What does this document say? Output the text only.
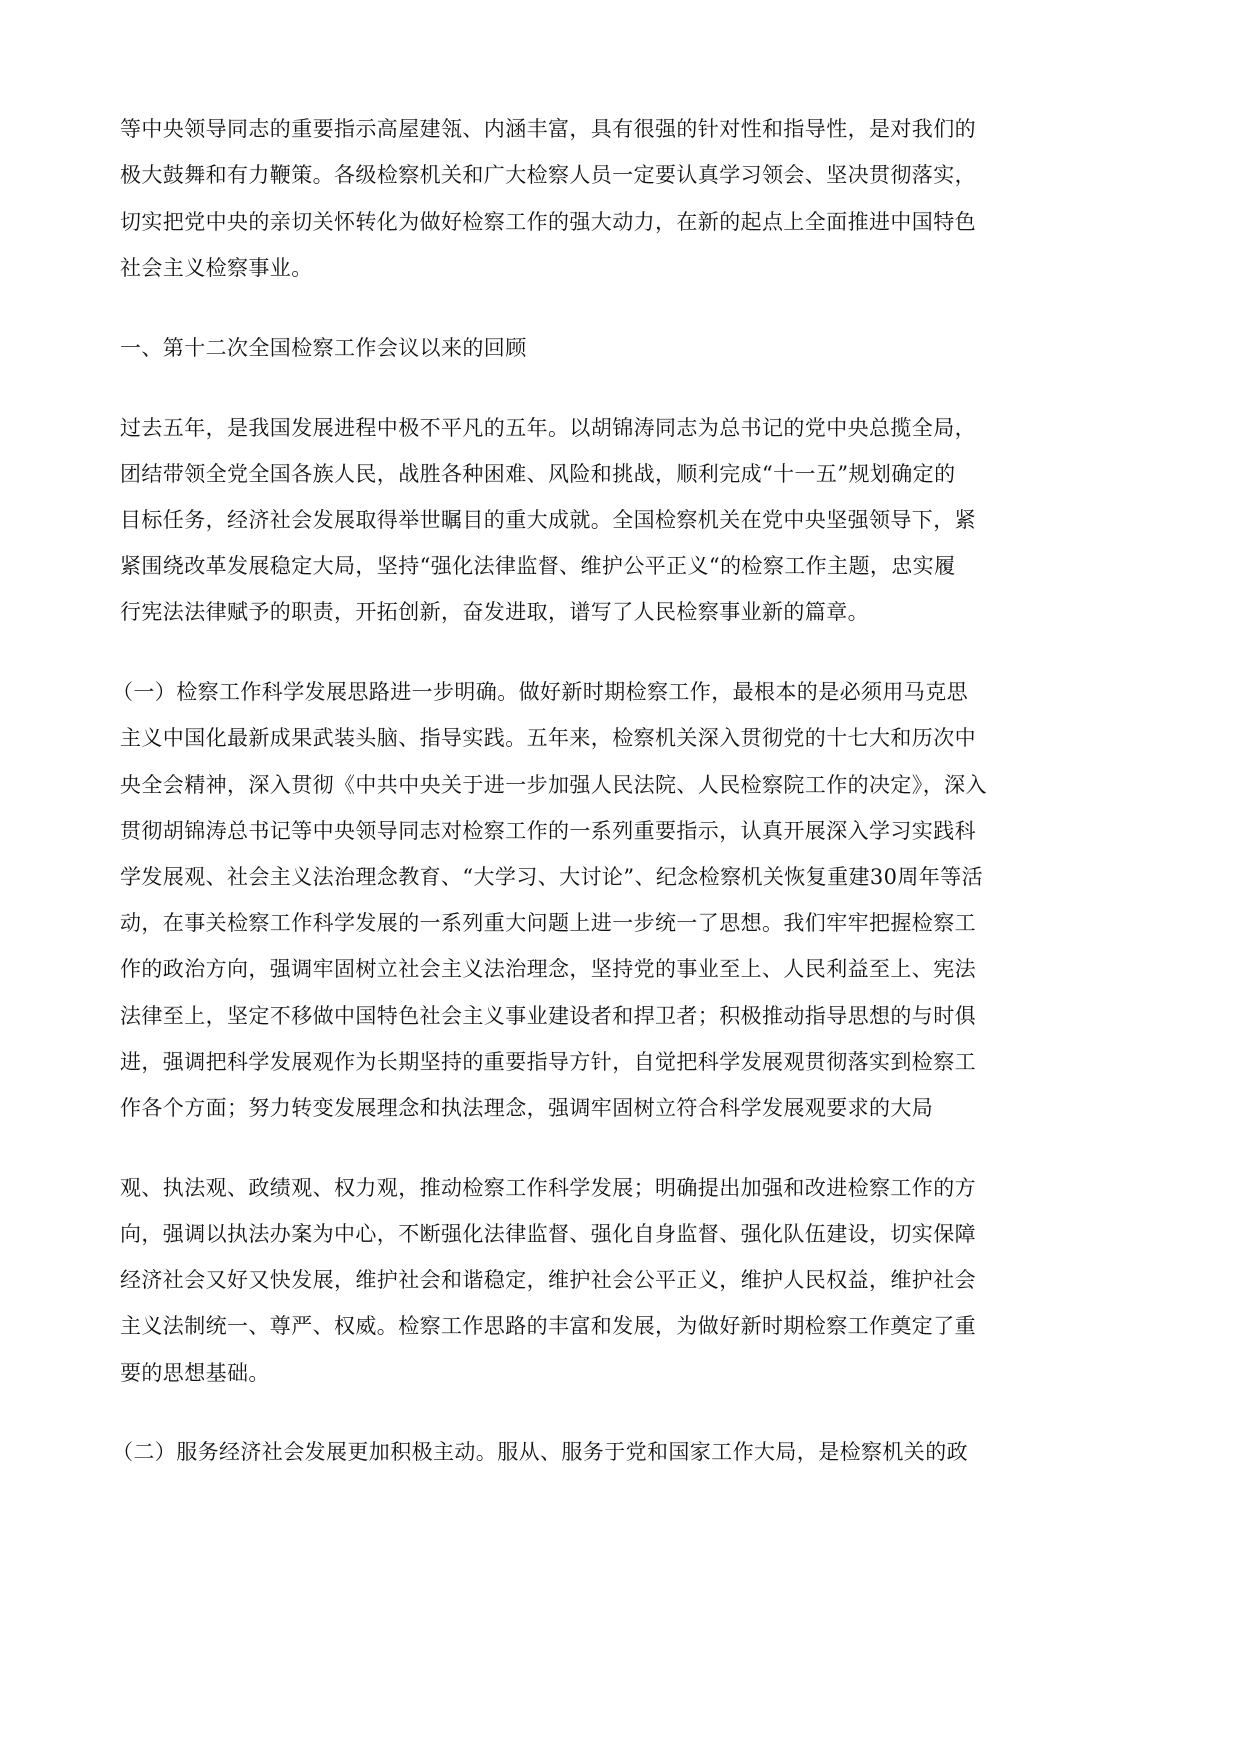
等中央领导同志的重要指示高屋建瓴、内涵丰富，具有很强的针对性和指导性，是对我们的

极大鼓舞和有力鞭策。各级检察机关和广大检察人员一定要认真学习领会、坚决贯彻落实，

切实把党中央的亲切关怀转化为做好检察工作的强大动力，在新的起点上全面推进中国特色

社会主义检察事业。

一、第十二次全国检察工作会议以来的回顾

过去五年，是我国发展进程中极不平凡的五年。以胡锦涛同志为总书记的党中央总揽全局，

团结带领全党全国各族人民，战胜各种困难、风险和挑战，顺利完成“十一五”规划确定的

目标任务，经济社会发展取得举世瞩目的重大成就。全国检察机关在党中央坚强领导下，紧

紧围绕改革发展稳定大局，坚持“强化法律监督、维护公平正义“的检察工作主题，忠实履

行宪法法律赋予的职责，开拓创新，奋发进取，谱写了人民检察事业新的篇章。

（一）检察工作科学发展思路进一步明确。做好新时期检察工作，最根本的是必须用马克思

主义中国化最新成果武装头脑、指导实践。五年来，检察机关深入贯彻党的十七大和历次中

央全会精神，深入贯彻《中共中央关于进一步加强人民法院、人民检察院工作的决定》，深入

贯彻胡锦涛总书记等中央领导同志对检察工作的一系列重要指示，认真开展深入学习实践科

学发展观、社会主义法治理念教育、“大学习、大讨论”、纪念检察机关恢复重建30周年等活

动，在事关检察工作科学发展的一系列重大问题上进一步统一了思想。我们牢牢把握检察工

作的政治方向，强调牢固树立社会主义法治理念，坚持党的事业至上、人民利益至上、宪法

法律至上，坚定不移做中国特色社会主义事业建设者和捍卫者；积极推动指导思想的与时俱

进，强调把科学发展观作为长期坚持的重要指导方针，自觉把科学发展观贯彻落实到检察工

作各个方面；努力转变发展理念和执法理念，强调牢固树立符合科学发展观要求的大局

观、执法观、政绩观、权力观，推动检察工作科学发展；明确提出加强和改进检察工作的方

向，强调以执法办案为中心，不断强化法律监督、强化自身监督、强化队伍建设，切实保障

经济社会又好又快发展，维护社会和谐稳定，维护社会公平正义，维护人民权益，维护社会

主义法制统一、尊严、权威。检察工作思路的丰富和发展，为做好新时期检察工作奠定了重

要的思想基础。

（二）服务经济社会发展更加积极主动。服从、服务于党和国家工作大局，是检察机关的政
